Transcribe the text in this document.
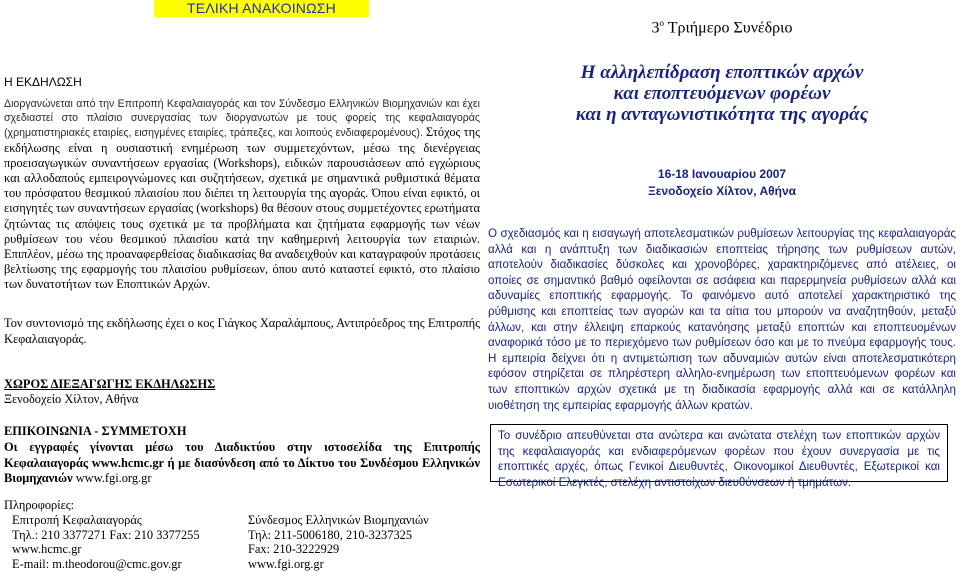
ΤΕΛΙΚΗ ΑΝΑΚΟΙΝΩΣΗ
Η ΕΚΔΗΛΩΣΗ
Διοργανώνεται από την Επιτροπή Κεφαλαιαγοράς και τον Σύνδεσμο Ελληνικών Βιομηχανιών και έχει σχεδιαστεί στο πλαίσιο συνεργασίας των διοργανωτών με τους φορείς της κεφαλαιαγοράς (χρηματιστηριακές εταιρίες, εισηγμένες εταιρίες, τράπεζες, και λοιπούς ενδιαφερομένους). Στόχος της εκδήλωσης είναι η ουσιαστική ενημέρωση των συμμετεχόντων, μέσω της διενέργειας προεισαγωγικών συναντήσεων εργασίας (Workshops), ειδικών παρουσιάσεων από εγχώριους και αλλοδαπούς εμπειρογνώμονες και συζητήσεων, σχετικά με σημαντικά ρυθμιστικά θέματα του πρόσφατου θεσμικού πλαισίου που διέπει τη λειτουργία της αγοράς. Όπου είναι εφικτό, οι εισηγητές των συναντήσεων εργασίας (workshops) θα θέσουν στους συμμετέχοντες ερωτήματα ζητώντας τις απόψεις τους σχετικά με τα προβλήματα και ζητήματα εφαρμογής των νέων ρυθμίσεων του νέου θεσμικού πλαισίου κατά την καθημερινή λειτουργία των εταιριών. Επιπλέον, μέσω της προαναφερθείσας διαδικασίας θα αναδειχθούν και καταγραφούν προτάσεις βελτίωσης της εφαρμογής του πλαισίου ρυθμίσεων, όπου αυτό καταστεί εφικτό, στο πλαίσιο των δυνατοτήτων των Εποπτικών Αρχών.
Τον συντονισμό της εκδήλωσης έχει ο κος Γιάγκος Χαραλάμπους, Αντιπρόεδρος της Επιτροπής Κεφαλαιαγοράς.
ΧΩΡΟΣ ΔΙΕΞΑΓΩΓΗΣ ΕΚΔΗΛΩΣΗΣ
Ξενοδοχείο Χίλτον, Αθήνα
ΕΠΙΚΟΙΝΩΝΙΑ - ΣΥΜΜΕΤΟΧΗ
Οι εγγραφές γίνονται μέσω του Διαδικτύου στην ιστοσελίδα της Επιτροπής Κεφαλαιαγοράς www.hcmc.gr ή με διασύνδεση από το Δίκτυο του Συνδέσμου Ελληνικών Βιομηχανιών www.fgi.org.gr
Πληροφορίες:
Επιτροπή Κεφαλαιαγοράς
Τηλ.: 210 3377271 Fax: 210 3377255
www.hcmc.gr
E-mail: m.theodorou@cmc.gov.gr
Σύνδεσμος Ελληνικών Βιομηχανιών
Τηλ: 211-5006180, 210-3237325
Fax: 210-3222929
www.fgi.org.gr
$3^o$ Τριήμερο Συνέδριο
Η αλληλεπίδραση εποπτικών αρχών
και εποπτευόμενων φορέων
και η ανταγωνιστικότητα της αγοράς
16-18 Ιανουαρίου 2007
Ξενοδοχείο Χίλτον, Αθήνα
Ο σχεδιασμός και η εισαγωγή αποτελεσματικών ρυθμίσεων λειτουργίας της κεφαλαιαγοράς αλλά και η ανάπτυξη των διαδικασιών εποπτείας τήρησης των ρυθμίσεων αυτών, αποτελούν διαδικασίες δύσκολες και χρονοβόρες, χαρακτηριζόμενες από ατέλειες, οι οποίες σε σημαντικό βαθμό οφείλονται σε ασάφεια και παρερμηνεία ρυθμίσεων αλλά και αδυναμίες εποπτικής εφαρμογής. Το φαινόμενο αυτό αποτελεί χαρακτηριστικό της ρύθμισης και εποπτείας των αγορών και τα αίτια του μπορούν να αναζητηθούν, μεταξύ άλλων, και στην έλλειψη επαρκούς κατανόησης μεταξύ εποπτών και εποπτευομένων αναφορικά τόσο με το περιεχόμενο των ρυθμίσεων όσο και με το πνεύμα εφαρμογής τους. Η εμπειρία δείχνει ότι η αντιμετώπιση των αδυναμιών αυτών είναι αποτελεσματικότερη εφόσον στηρίζεται σε πληρέστερη αλληλο-ενημέρωση των εποπτευόμενων φορέων και των εποπτικών αρχών σχετικά με τη διαδικασία εφαρμογής αλλά και σε κατάλληλη υιοθέτηση της εμπειρίας εφαρμογής άλλων κρατών.
Το συνέδριο απευθύνεται στα ανώτερα και ανώτατα στελέχη των εποπτικών αρχών της κεφαλαιαγοράς και ενδιαφερόμενων φορέων που έχουν συνεργασία με τις εποπτικές αρχές, όπως Γενικοί Διευθυντές, Οικονομικοί Διευθυντές, Εξωτερικοί και Εσωτερικοί Ελεγκτές, στελέχη αντιστοίχων διευθύνσεων ή τμημάτων.
